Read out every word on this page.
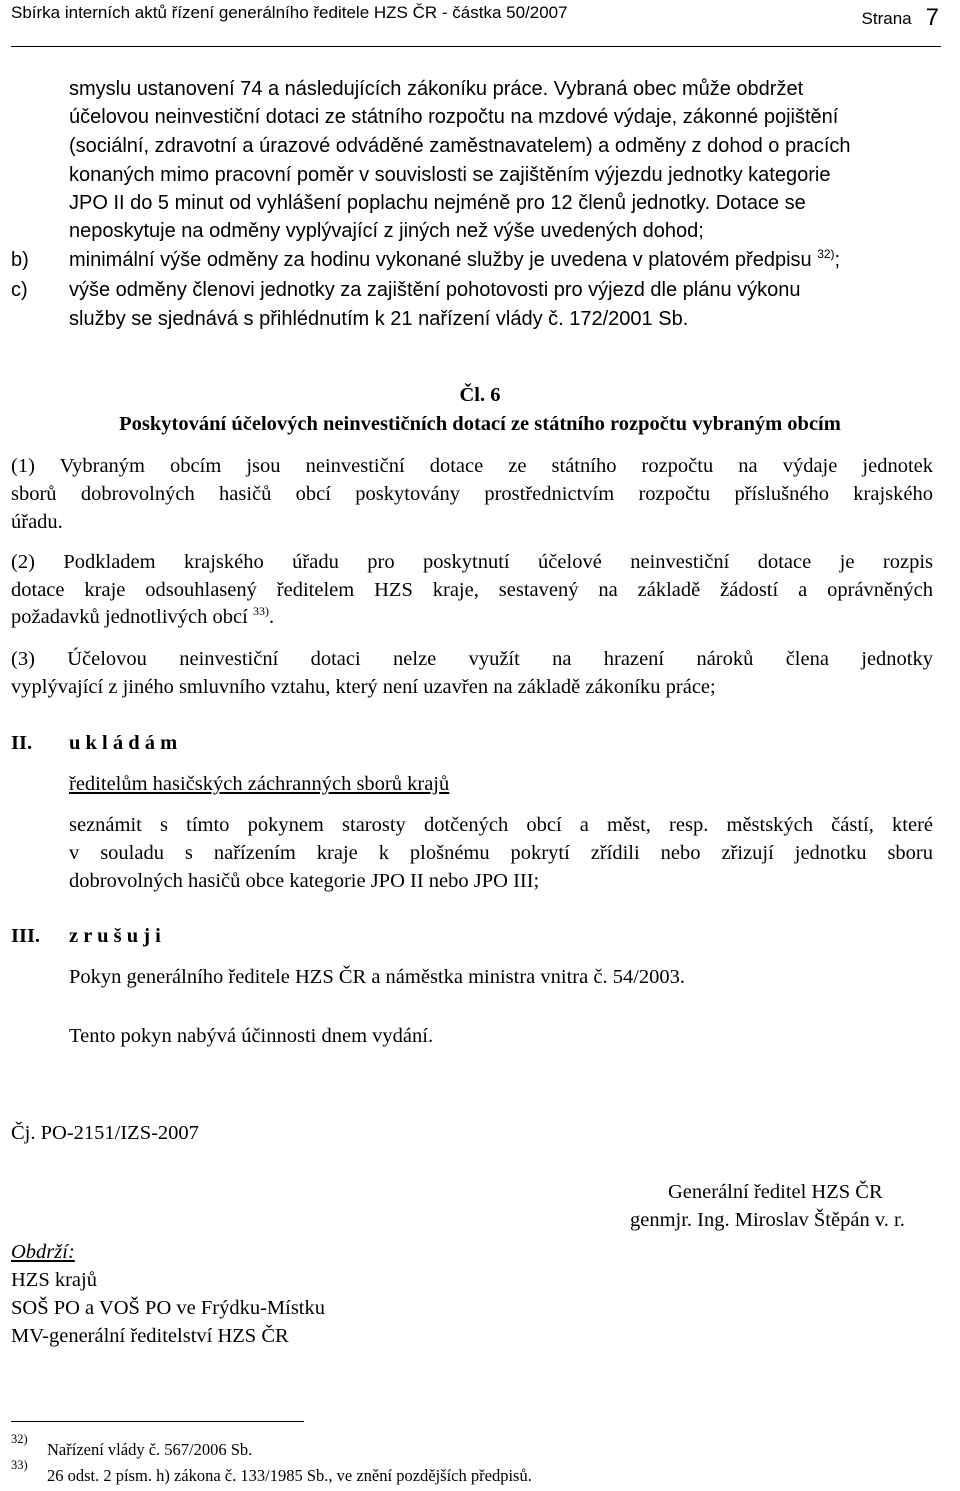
Sbírka interních aktů řízení generálního ředitele HZS ČR - částka 50/2007	Strana 7
smyslu ustanovení 74 a následujících zákoníku práce. Vybraná obec může obdržet
účelovou neinvestiční dotaci ze státního rozpočtu na mzdové výdaje, zákonné pojištění
(sociální, zdravotní a úrazové odváděné zaměstnavatelem) a odměny z dohod o pracích
konaných mimo pracovní poměr v souvislosti se zajištěním výjezdu jednotky kategorie
JPO II do 5 minut od vyhlášení poplachu nejméně pro 12 členů jednotky. Dotace se
neposkytuje na odměny vyplývající z jiných než výše uvedených dohod;
b) minimální výše odměny za hodinu vykonané služby je uvedena v platovém předpisu $^{32)}$;
c) výše odměny členovi jednotky za zajištění pohotovosti pro výjezd dle plánu výkonu
služby se sjednává s přihlédnutím k 21 nařízení vlády č. 172/2001 Sb.
Čl. 6
Poskytování účelových neinvestičních dotací ze státního rozpočtu vybraným obcím
(1) Vybraným obcím jsou neinvestiční dotace ze státního rozpočtu na výdaje jednotek
sborů dobrovolných hasičů obcí poskytovány prostřednictvím rozpočtu příslušného krajského
úřadu.
(2) Podkladem krajského úřadu pro poskytnutí účelové neinvestiční dotace je rozpis
dotace kraje odsouhlasený ředitelem HZS kraje, sestavený na základě žádostí a oprávněných
požadavků jednotlivých obcí $^{33)}$.
(3) Účelovou neinvestiční dotaci nelze využít na hrazení nároků člena jednotky
vyplývající z jiného smluvního vztahu, který není uzavřen na základě zákoníku práce;
II.	u k l á d á m
ředitelům hasičských záchranných sborů krajů
seznámit s tímto pokynem starosty dotčených obcí a měst, resp. městských částí, které
v souladu s nařízením kraje k plošnému pokrytí zřídili nebo zřizují jednotku sboru
dobrovolných hasičů obce kategorie JPO II nebo JPO III;
III.	z r u š u j i
Pokyn generálního ředitele HZS ČR a náměstka ministra vnitra č. 54/2003.
Tento pokyn nabývá účinnosti dnem vydání.
Čj. PO-2151/IZS-2007
Generální ředitel HZS ČR
genmjr. Ing. Miroslav Štěpán v. r.
Obdrží:
HZS krajů
SOŠ PO a VOŠ PO ve Frýdku-Místku
MV-generální ředitelství HZS ČR
32)
Nařízení vlády č. 567/2006 Sb.
33)
26 odst. 2 písm. h) zákona č. 133/1985 Sb., ve znění pozdějších předpisů.
